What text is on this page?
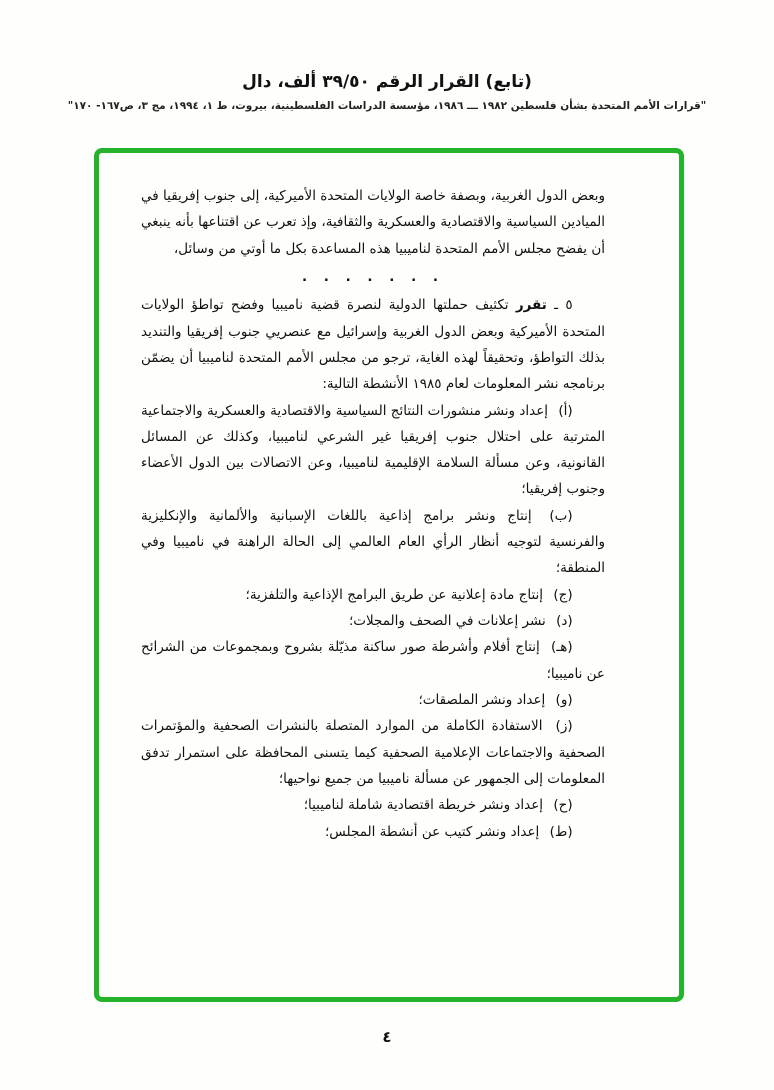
(تابع) القرار الرقم ٣٩/٥٠ ألف، دال

"قرارات الأمم المتحدة بشأن فلسطين ١٩٨٢ ـــ ١٩٨٦، مؤسسة الدراسات الفلسطينية، بيروت، ط ١، ١٩٩٤، مج ٣، ص١٦٧- ١٧٠"

وبعض الدول الغربية، وبصفة خاصة الولايات المتحدة الأميركية، إلى جنوب إفريقيا في الميادين السياسية والاقتصادية والعسكرية والثقافية، وإذ تعرب عن اقتناعها بأنه ينبغي أن يفضح مجلس الأمم المتحدة لناميبيا هذه المساعدة بكل ما أوتي من وسائل،

. . . . . . .

٥ ـ تقرر تكثيف حملتها الدولية لنصرة قضية ناميبيا وفضح تواطؤ الولايات المتحدة الأميركية وبعض الدول الغربية وإسرائيل مع عنصريي جنوب إفريقيا والتنديد بذلك التواطؤ، وتحقيقاً لهذه الغاية، ترجو من مجلس الأمم المتحدة لناميبيا أن يضمّن برنامجه نشر المعلومات لعام ١٩٨٥ الأنشطة التالية:

(أ) إعداد ونشر منشورات النتائج السياسية والاقتصادية والعسكرية والاجتماعية المترتبة على احتلال جنوب إفريقيا غير الشرعي لناميبيا، وكذلك عن المسائل القانونية، وعن مسألة السلامة الإقليمية لناميبيا، وعن الاتصالات بين الدول الأعضاء وجنوب إفريقيا؛

(ب) إنتاج ونشر برامج إذاعية باللغات الإسبانية والألمانية والإنكليزية والفرنسية لتوجيه أنظار الرأي العام العالمي إلى الحالة الراهنة في ناميبيا وفي المنطقة؛

(ج) إنتاج مادة إعلانية عن طريق البرامج الإذاعية والتلفزية؛

(د) نشر إعلانات في الصحف والمجلات؛

(هـ) إنتاج أفلام وأشرطة صور ساكنة مذيّلة بشروح وبمجموعات من الشرائح عن ناميبيا؛

(و) إعداد ونشر الملصقات؛

(ز) الاستفادة الكاملة من الموارد المتصلة بالنشرات الصحفية والمؤتمرات الصحفية والاجتماعات الإعلامية الصحفية كيما يتسنى المحافظة على استمرار تدفق المعلومات إلى الجمهور عن مسألة ناميبيا من جميع نواحيها؛

(ح) إعداد ونشر خريطة اقتصادية شاملة لناميبيا؛

(ط) إعداد ونشر كتيب عن أنشطة المجلس؛

٤
